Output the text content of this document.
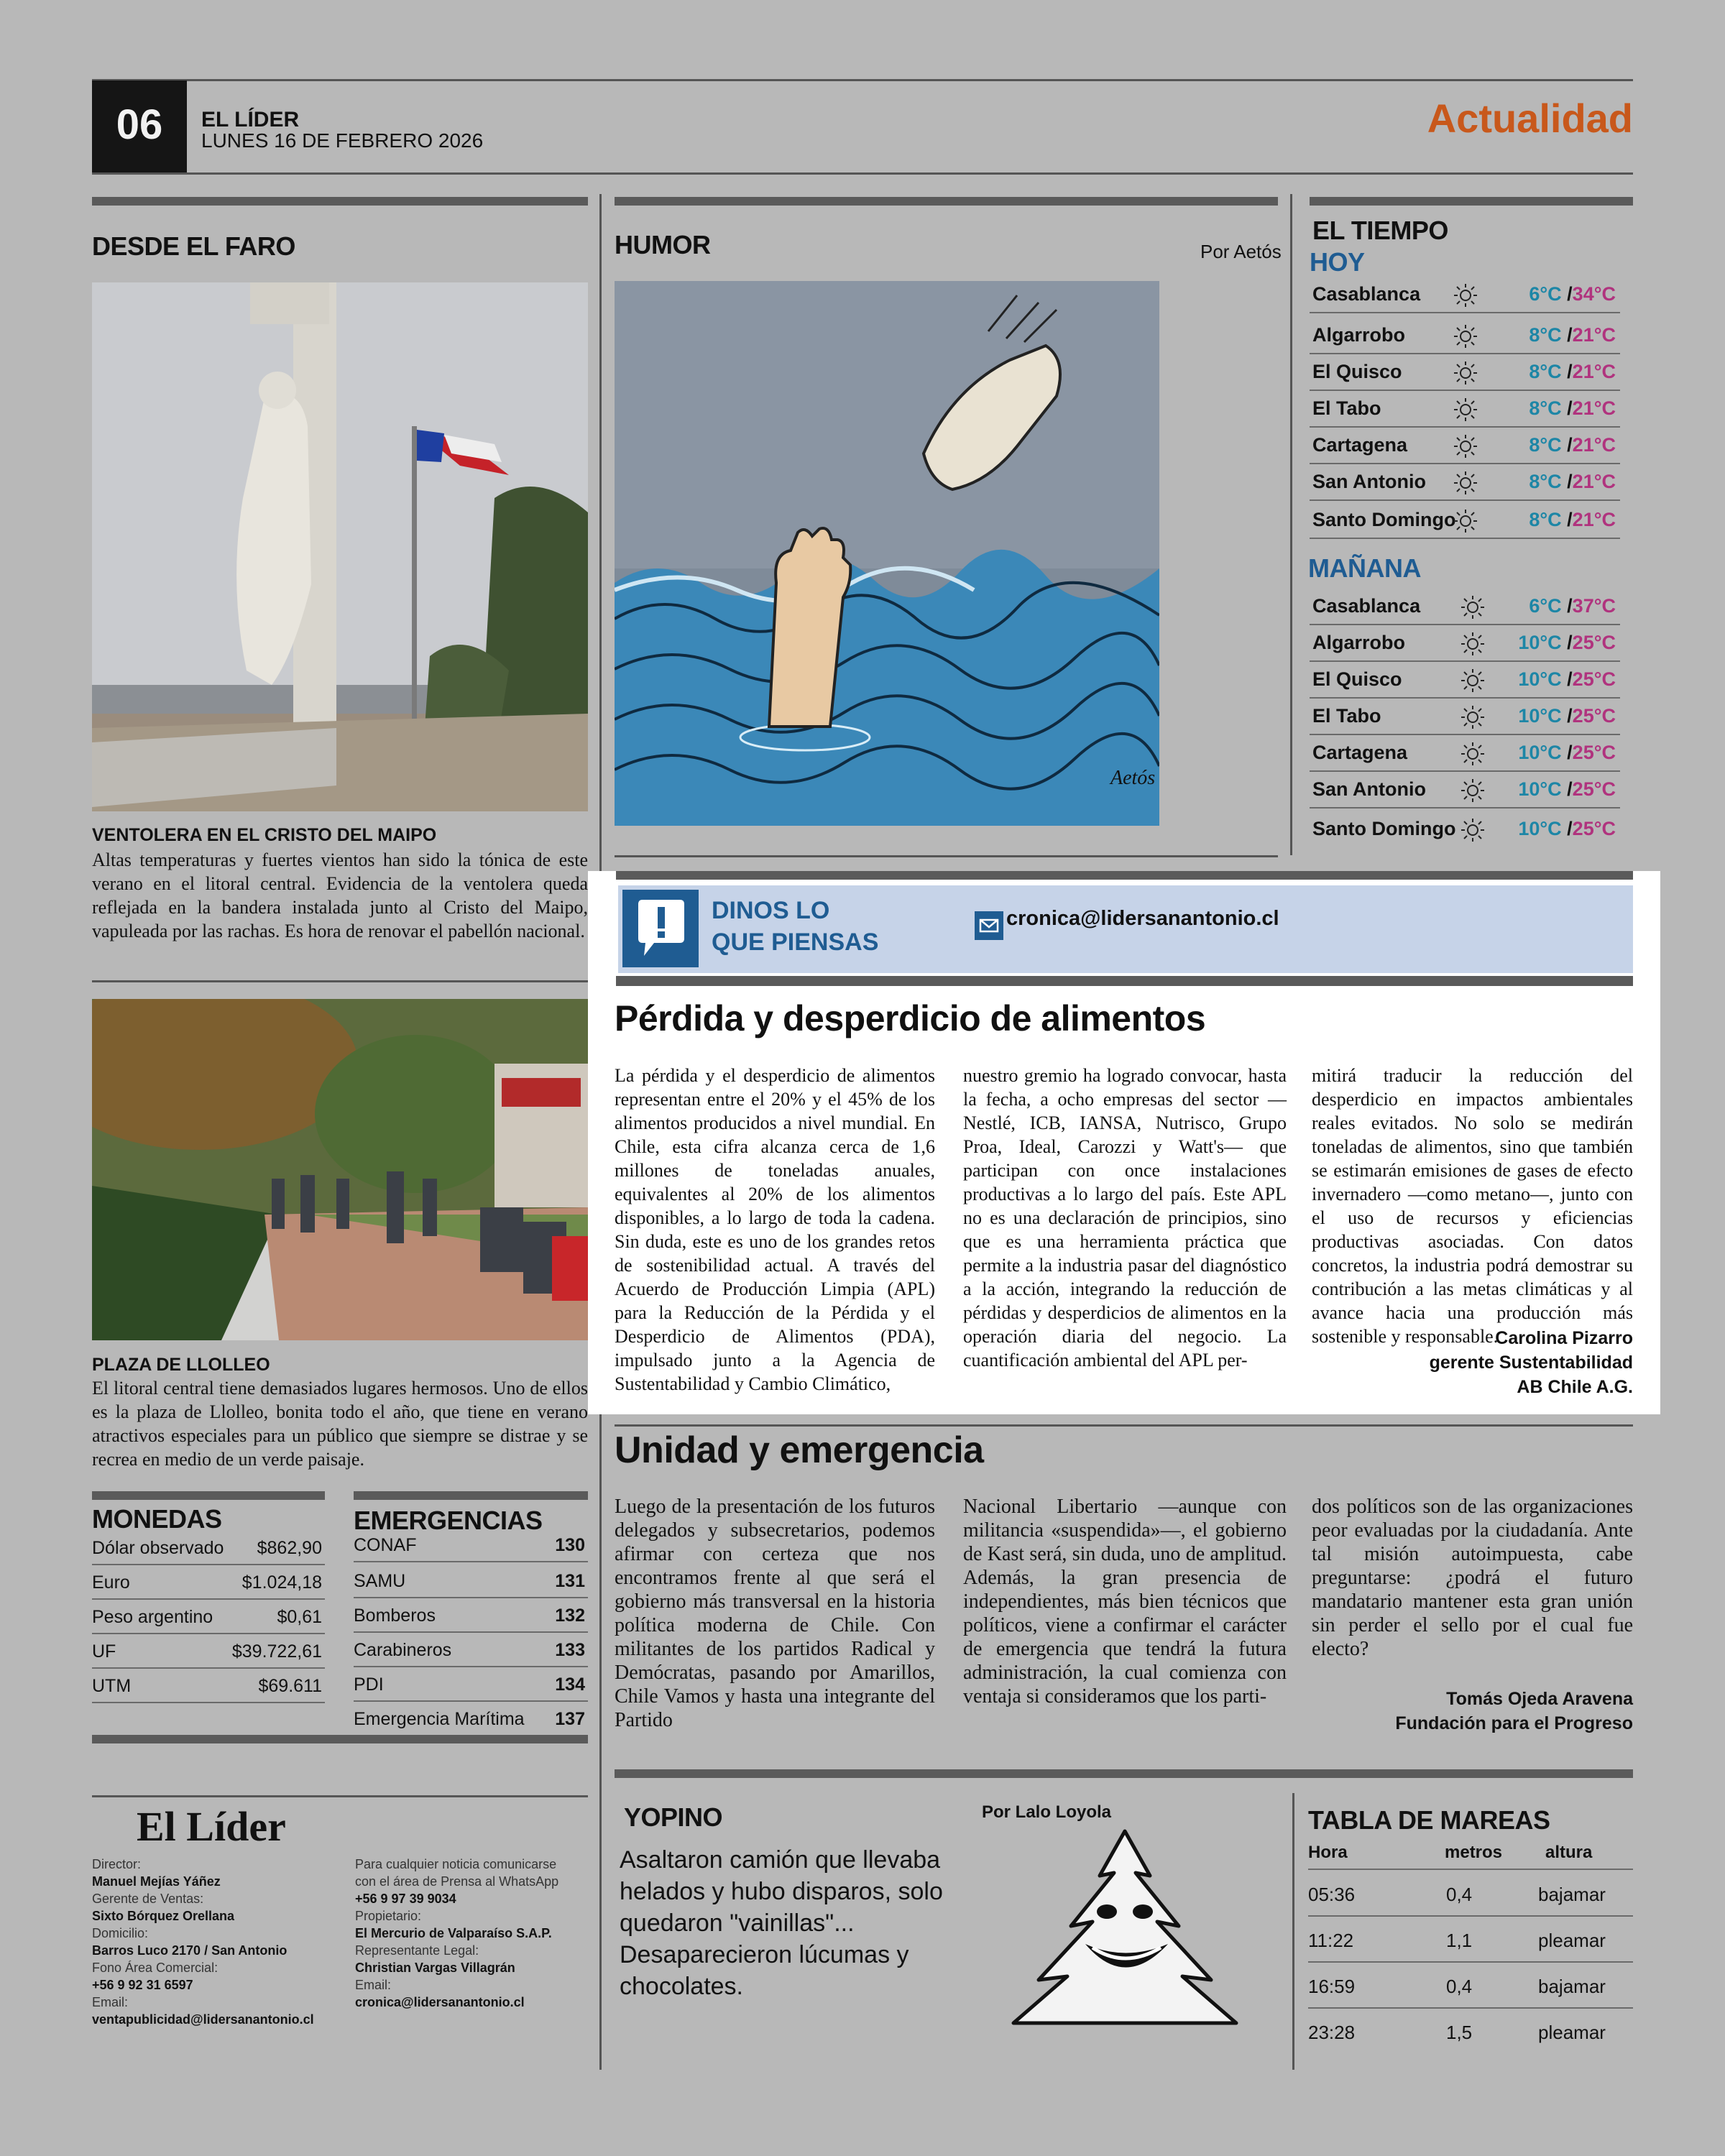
06	EL LÍDER
LUNES 16 DE FEBRERO 2026	Actualidad
DESDE EL FARO
VENTOLERA EN EL CRISTO DEL MAIPO
Altas temperaturas y fuertes vientos han sido la tónica de este verano en el litoral central. Evidencia de la ventolera queda reflejada en la bandera instalada junto al Cristo del Maipo, vapuleada por las rachas. Es hora de renovar el pabellón nacional.
PLAZA DE LLOLLEO
El litoral central tiene demasiados lugares hermosos. Uno de ellos es la plaza de Llolleo, bonita todo el año, que tiene en verano atractivos especiales para un público que siempre se distrae y se recrea en medio de un verde paisaje.
MONEDAS
Dólar observado $862,90
Euro	$1.024,18
Peso argentino	$0,61
UF	$39.722,61
UTM	$69.611
EMERGENCIAS
CONAF	130
SAMU	131
Bomberos	132
Carabineros	133
PDI	134
Emergencia Marítima 137
El Líder
Director:
Manuel Mejías Yáñez
Gerente de Ventas:
Sixto Bórquez Orellana
Domicilio:
Barros Luco 2170 / San Antonio
Fono Área Comercial:
+56 9 92 31 6597
Email:
ventapublicidad@lidersanantonio.cl
Para cualquier noticia comunicarse
con el área de Prensa al WhatsApp
+56 9 97 39 9034
Propietario:
El Mercurio de Valparaíso S.A.P.
Representante Legal:
Christian Vargas Villagrán
Email:
cronica@lidersanantonio.cl
HUMOR	Por Aetós
Aetós
EL TIEMPO
HOY
Casablanca	6°C /34°C
Algarrobo	8°C /21°C
El Quisco	8°C /21°C
El Tabo	8°C /21°C
Cartagena	8°C /21°C
San Antonio	8°C /21°C
Santo Domingo	8°C /21°C
MAÑANA
Casablanca	6°C /37°C
Algarrobo	10°C /25°C
El Quisco	10°C /25°C
El Tabo	10°C /25°C
Cartagena	10°C /25°C
San Antonio	10°C /25°C
Santo Domingo	10°C /25°C
DINOS LO
QUE PIENSAS
cronica@lidersanantonio.cl
Pérdida y desperdicio de alimentos
La pérdida y el desperdicio de alimentos representan entre el 20% y el 45% de los alimentos producidos a nivel mundial. En Chile, esta cifra alcanza cerca de 1,6 millones de toneladas anuales, equivalentes al 20% de los alimentos disponibles, a lo largo de toda la cadena. Sin duda, este es uno de los grandes retos de sostenibilidad actual. A través del Acuerdo de Producción Limpia (APL) para la Reducción de la Pérdida y el Desperdicio de Alimentos (PDA), impulsado junto a la Agencia de Sustentabilidad y Cambio Climático,
nuestro gremio ha logrado convocar, hasta la fecha, a ocho empresas del sector —Nestlé, ICB, IANSA, Nutrisco, Grupo Proa, Ideal, Carozzi y Watt's— que participan con once instalaciones productivas a lo largo del país. Este APL no es una declaración de principios, sino que es una herramienta práctica que permite a la industria pasar del diagnóstico a la acción, integrando la reducción de pérdidas y desperdicios de alimentos en la operación diaria del negocio. La cuantificación ambiental del APL per-
mitirá traducir la reducción del desperdicio en impactos ambientales reales evitados. No solo se medirán toneladas de alimentos, sino que también se estimarán emisiones de gases de efecto invernadero —como metano—, junto con el uso de recursos y eficiencias productivas asociadas. Con datos concretos, la industria podrá demostrar su contribución a las metas climáticas y al avance hacia una producción más sostenible y responsable.
Carolina Pizarro
gerente Sustentabilidad
AB Chile A.G.
Unidad y emergencia
Luego de la presentación de los futuros delegados y subsecretarios, podemos afirmar con certeza que nos encontramos frente al que será el gobierno más transversal en la historia política moderna de Chile. Con militantes de los partidos Radical y Demócratas, pasando por Amarillos, Chile Vamos y hasta una integrante del Partido
Nacional Libertario —aunque con militancia «suspendida»—, el gobierno de Kast será, sin duda, uno de amplitud. Además, la gran presencia de independientes, más bien técnicos que políticos, viene a confirmar el carácter de emergencia que tendrá la futura administración, la cual comienza con ventaja si consideramos que los parti-
dos políticos son de las organizaciones peor evaluadas por la ciudadanía. Ante tal misión autoimpuesta, cabe preguntarse: ¿podrá el futuro mandatario mantener esta gran unión sin perder el sello por el cual fue electo?
Tomás Ojeda Aravena
Fundación para el Progreso
YOPINO	Por Lalo Loyola
Asaltaron camión que llevaba helados y hubo disparos, solo quedaron "vainillas"... Desaparecieron lúcumas y chocolates.
TABLA DE MAREAS
Hora	metros altura
05:36	0,4	bajamar
11:22	1,1	pleamar
16:59	0,4	bajamar
23:28	1,5	pleamar
